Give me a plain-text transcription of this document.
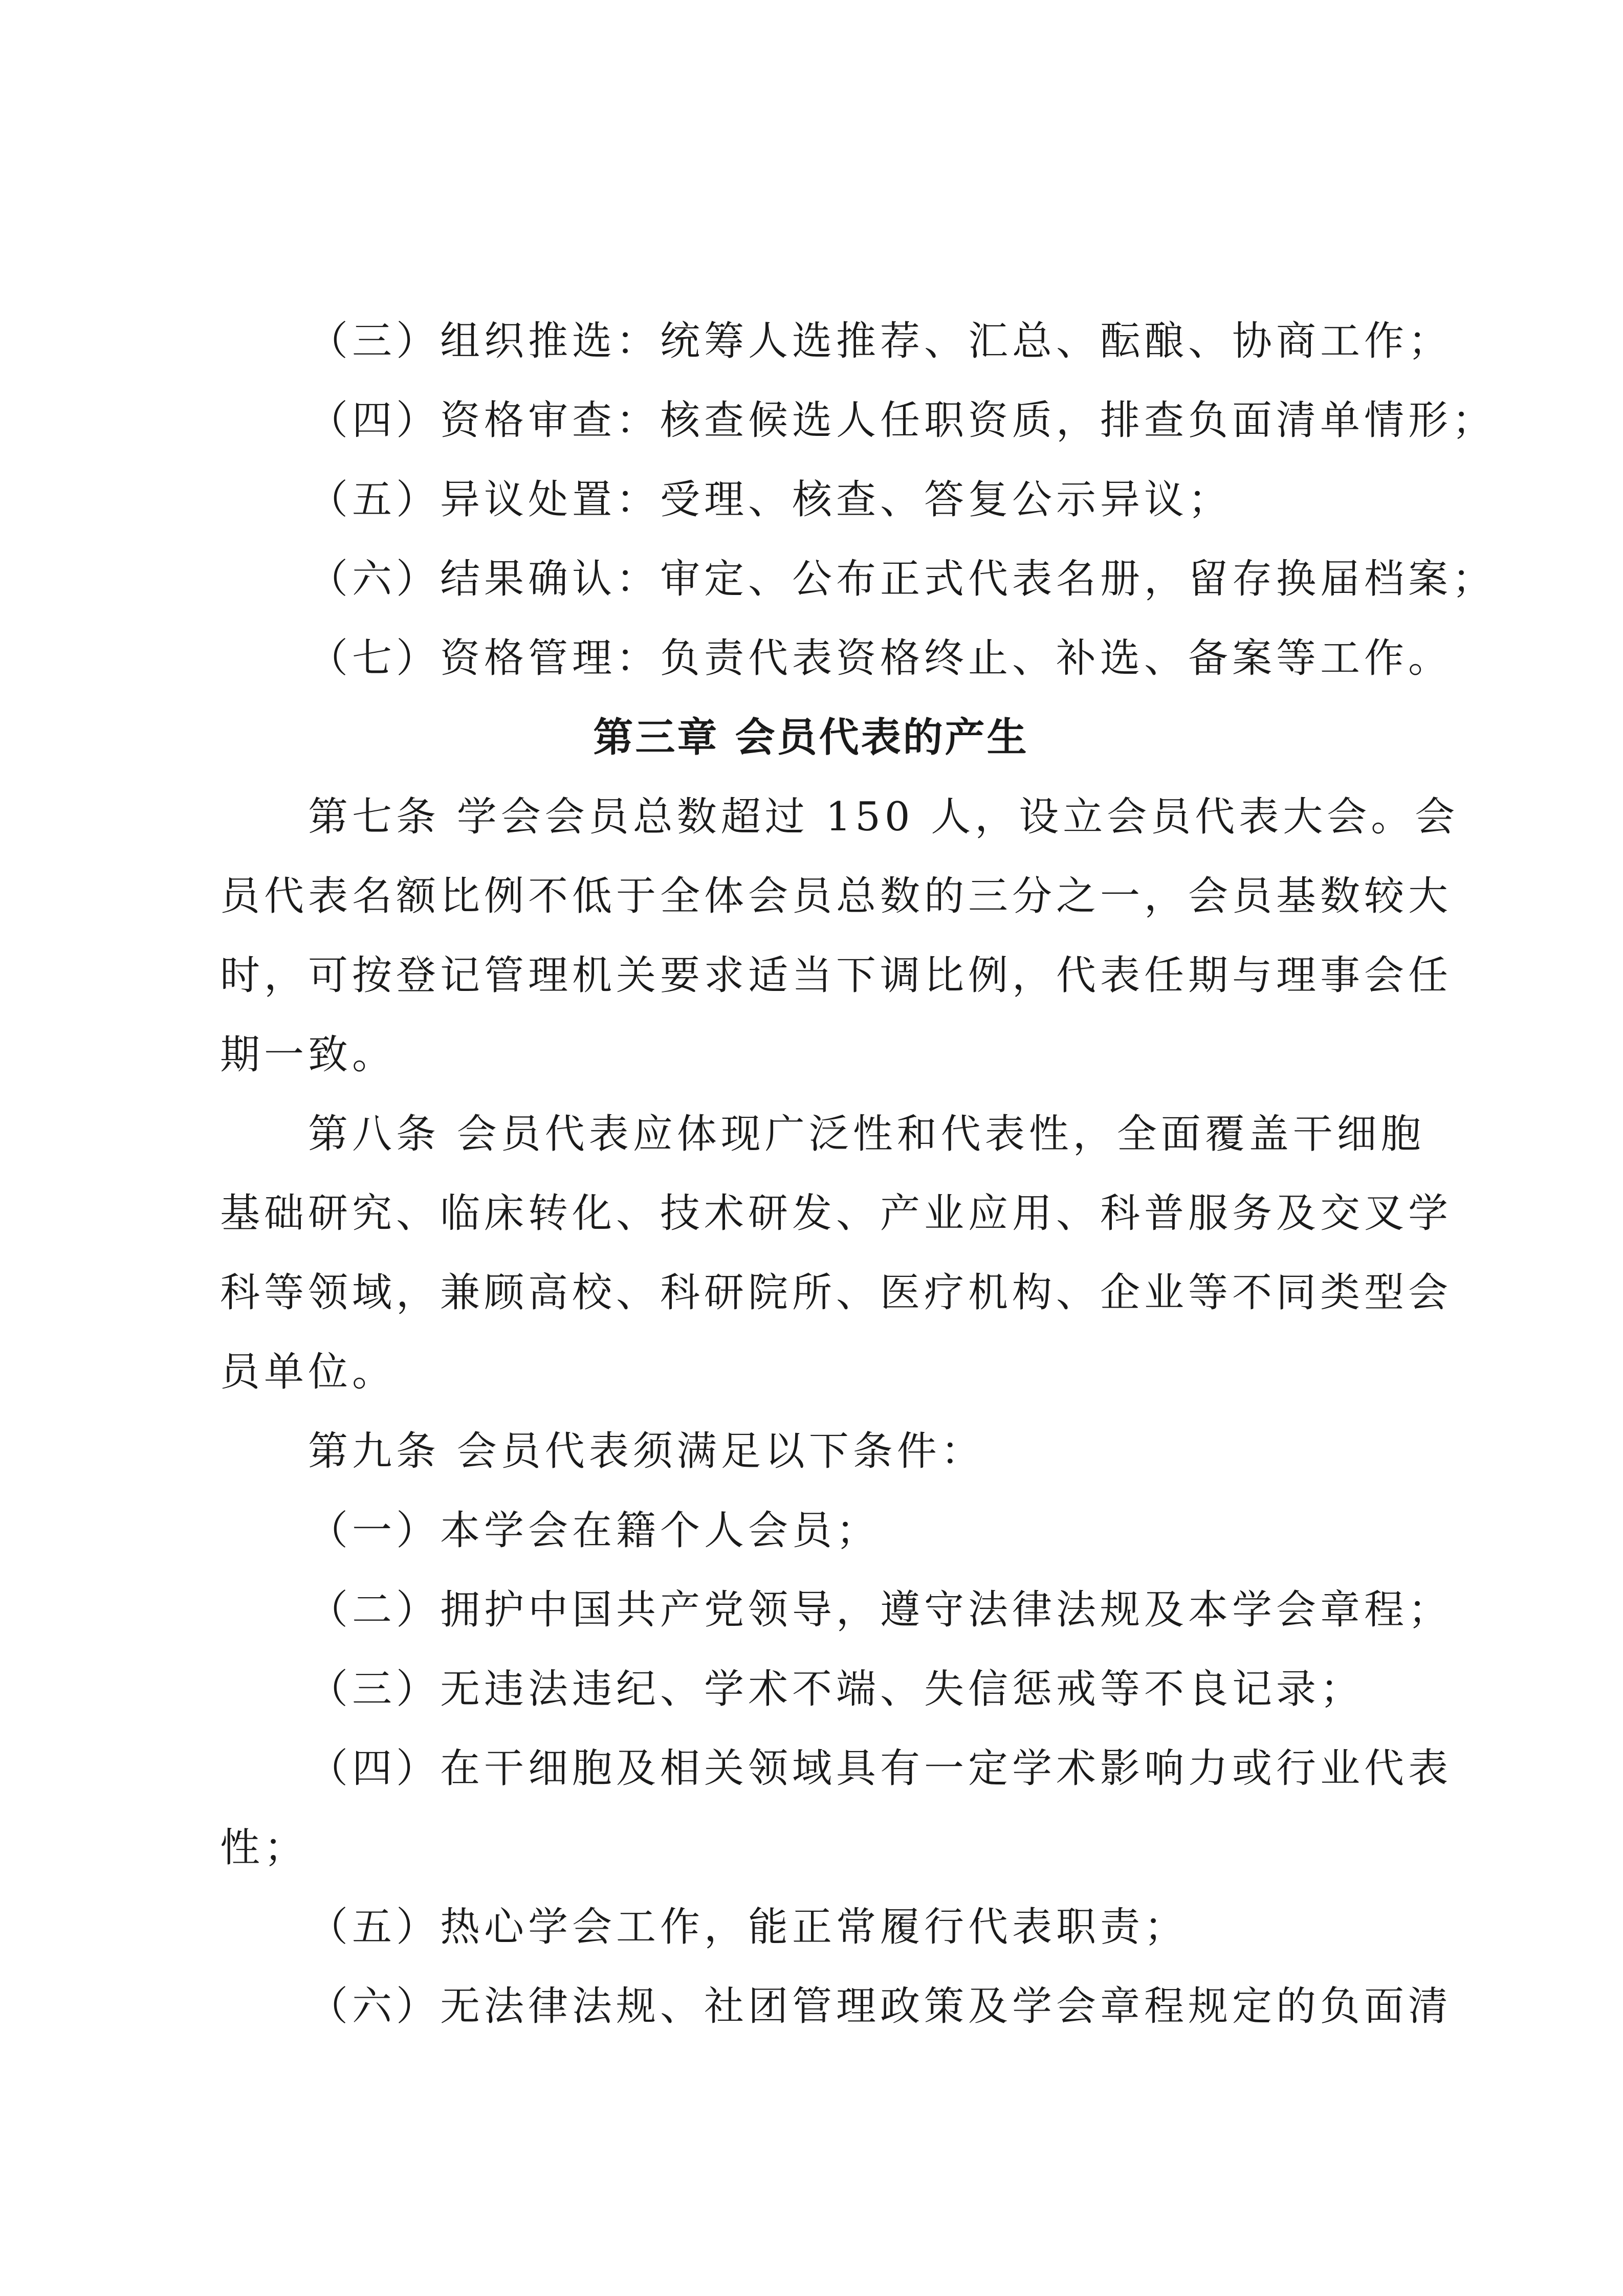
（三）组织推选：统筹人选推荐、汇总、酝酿、协商工作；

（四）资格审查：核查候选人任职资质，排查负面清单情形；

（五）异议处置：受理、核查、答复公示异议；

（六）结果确认：审定、公布正式代表名册，留存换届档案；

（七）资格管理：负责代表资格终止、补选、备案等工作。

第三章 会员代表的产生

第七条 学会会员总数超过 150 人，设立会员代表大会。会

员代表名额比例不低于全体会员总数的三分之一，会员基数较大

时，可按登记管理机关要求适当下调比例，代表任期与理事会任

期一致。

第八条 会员代表应体现广泛性和代表性，全面覆盖干细胞

基础研究、临床转化、技术研发、产业应用、科普服务及交叉学

科等领域，兼顾高校、科研院所、医疗机构、企业等不同类型会

员单位。

第九条 会员代表须满足以下条件：

（一）本学会在籍个人会员；

（二）拥护中国共产党领导，遵守法律法规及本学会章程；

（三）无违法违纪、学术不端、失信惩戒等不良记录；

（四）在干细胞及相关领域具有一定学术影响力或行业代表

性；

（五）热心学会工作，能正常履行代表职责；

（六）无法律法规、社团管理政策及学会章程规定的负面清
